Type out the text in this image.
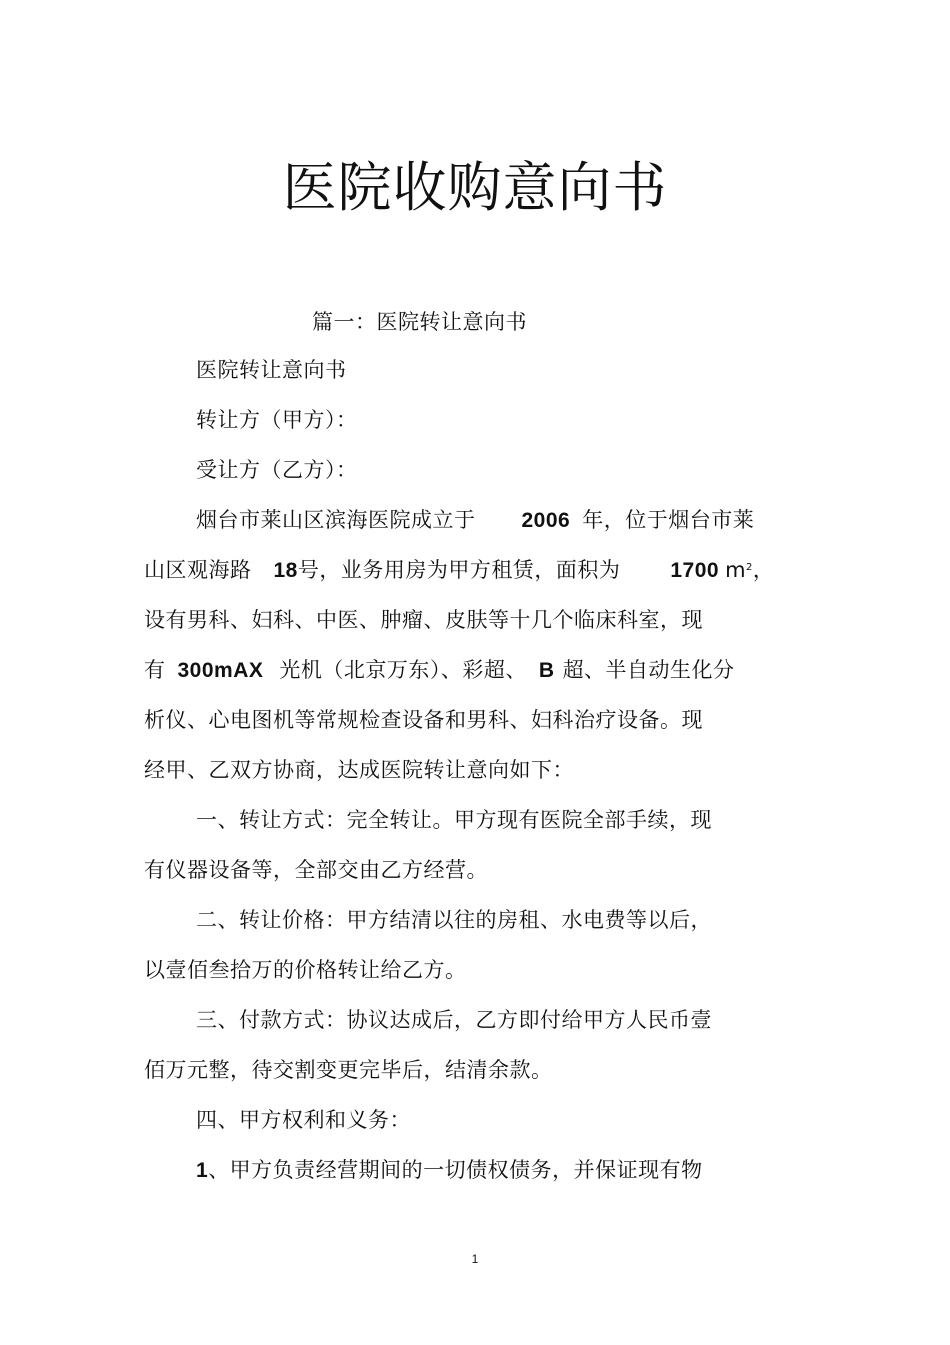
医院收购意向书
篇一：医院转让意向书
医院转让意向书
转让方（甲方）：
受让方（乙方）：
烟台市莱山区滨海医院成立于 2006 年，位于烟台市莱
山区观海路 18号，业务用房为甲方租赁，面积为 1700 $m^2$，
设有男科、妇科、中医、肿瘤、皮肤等十几个临床科室，现
有 300mAX 光机（北京万东）、彩超、 B 超、半自动生化分
析仪、心电图机等常规检查设备和男科、妇科治疗设备。现
经甲、乙双方协商，达成医院转让意向如下：
一、转让方式：完全转让。甲方现有医院全部手续，现
有仪器设备等，全部交由乙方经营。
二、转让价格：甲方结清以往的房租、水电费等以后，
以壹佰叁拾万的价格转让给乙方。
三、付款方式：协议达成后，乙方即付给甲方人民币壹
佰万元整，待交割变更完毕后，结清余款。
四、甲方权利和义务：
1、甲方负责经营期间的一切债权债务，并保证现有物
1
